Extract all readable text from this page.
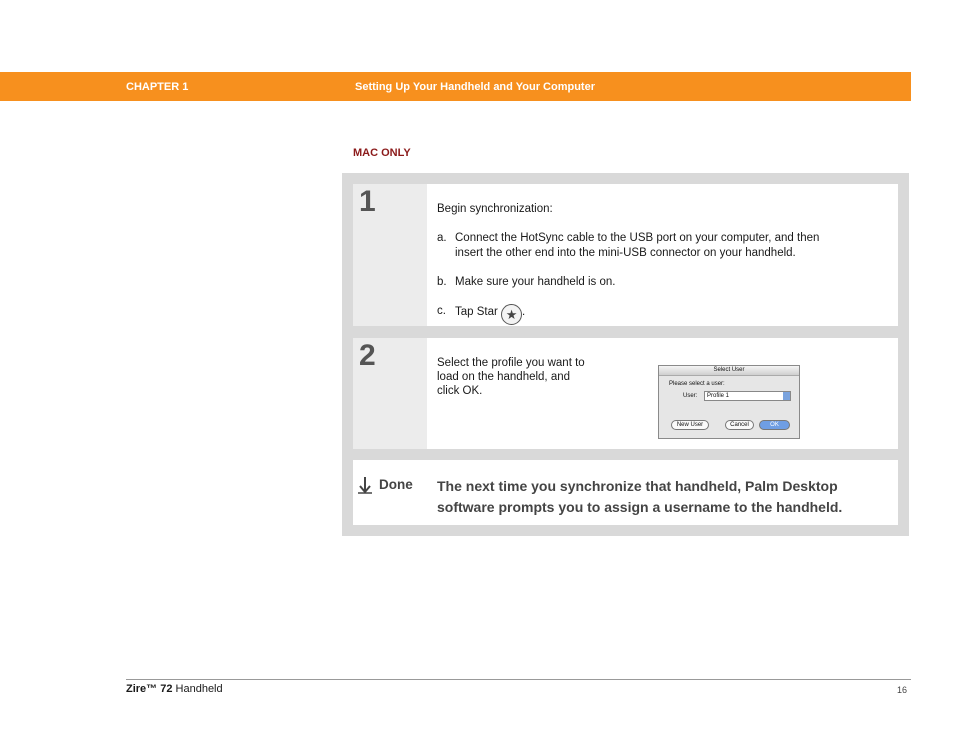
CHAPTER 1	Setting Up Your Handheld and Your Computer
MAC ONLY
1	Begin synchronization:
a. Connect the HotSync cable to the USB port on your computer, and then
insert the other end into the mini-USB connector on your handheld.
b. Make sure your handheld is on.
c. Tap Star ★ .
2	Select the profile you want to
load on the handheld, and
click OK.
Select User
Please select a user:
User:	Profile 1
New User	Cancel	OK
Done The next time you synchronize that handheld, Palm Desktop
software prompts you to assign a username to the handheld.
Zire™ 72 Handheld	16
